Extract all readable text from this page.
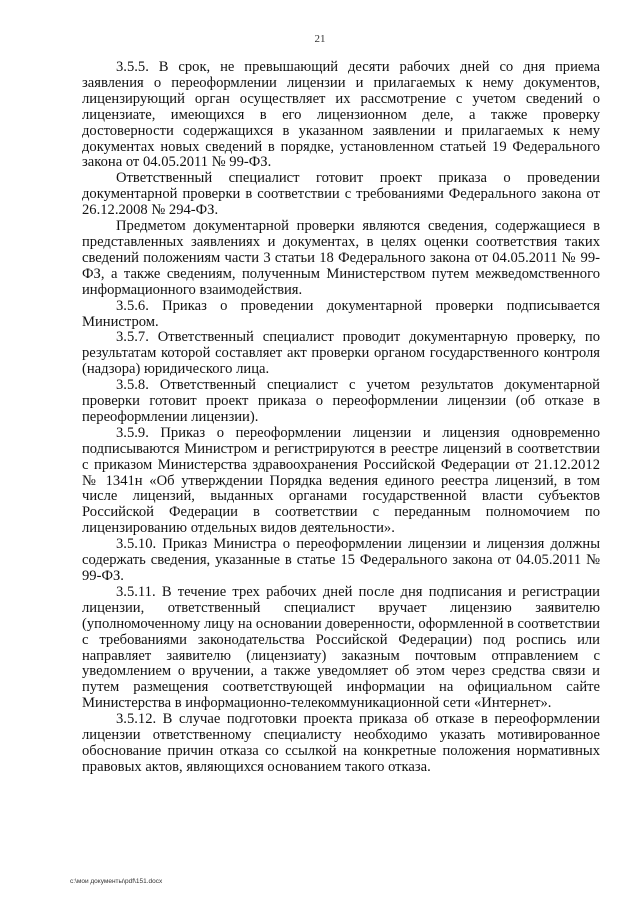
21

3.5.5. В срок, не превышающий десяти рабочих дней со дня приема заявления о переоформлении лицензии и прилагаемых к нему документов, лицензирующий орган осуществляет их рассмотрение с учетом сведений о лицензиате, имеющихся в его лицензионном деле, а также проверку достоверности содержащихся в указанном заявлении и прилагаемых к нему документах новых сведений в порядке, установленном статьей 19 Федерального закона от 04.05.2011 № 99-ФЗ.

Ответственный специалист готовит проект приказа о проведении документарной проверки в соответствии с требованиями Федерального закона от 26.12.2008 № 294-ФЗ.

Предметом документарной проверки являются сведения, содержащиеся в представленных заявлениях и документах, в целях оценки соответствия таких сведений положениям части 3 статьи 18 Федерального закона от 04.05.2011 № 99-ФЗ, а также сведениям, полученным Министерством путем межведомственного информационного взаимодействия.

3.5.6. Приказ о проведении документарной проверки подписывается Министром.

3.5.7. Ответственный специалист проводит документарную проверку, по результатам которой составляет акт проверки органом государственного контроля (надзора) юридического лица.

3.5.8. Ответственный специалист с учетом результатов документарной проверки готовит проект приказа о переоформлении лицензии (об отказе в переоформлении лицензии).

3.5.9. Приказ о переоформлении лицензии и лицензия одновременно подписываются Министром и регистрируются в реестре лицензий в соответствии с приказом Министерства здравоохранения Российской Федерации от 21.12.2012 № 1341н «Об утверждении Порядка ведения единого реестра лицензий, в том числе лицензий, выданных органами государственной власти субъектов Российской Федерации в соответствии с переданным полномочием по лицензированию отдельных видов деятельности».

3.5.10. Приказ Министра о переоформлении лицензии и лицензия должны содержать сведения, указанные в статье 15 Федерального закона от 04.05.2011 № 99-ФЗ.

3.5.11. В течение трех рабочих дней после дня подписания и регистрации лицензии, ответственный специалист вручает лицензию заявителю (уполномоченному лицу на основании доверенности, оформленной в соответствии с требованиями законодательства Российской Федерации) под роспись или направляет заявителю (лицензиату) заказным почтовым отправлением с уведомлением о вручении, а также уведомляет об этом через средства связи и путем размещения соответствующей информации на официальном сайте Министерства в информационно-телекоммуникационной сети «Интернет».

3.5.12. В случае подготовки проекта приказа об отказе в переоформлении лицензии ответственному специалисту необходимо указать мотивированное обоснование причин отказа со ссылкой на конкретные положения нормативных правовых актов, являющихся основанием такого отказа.

c:\мои документы\pdf\151.docx
